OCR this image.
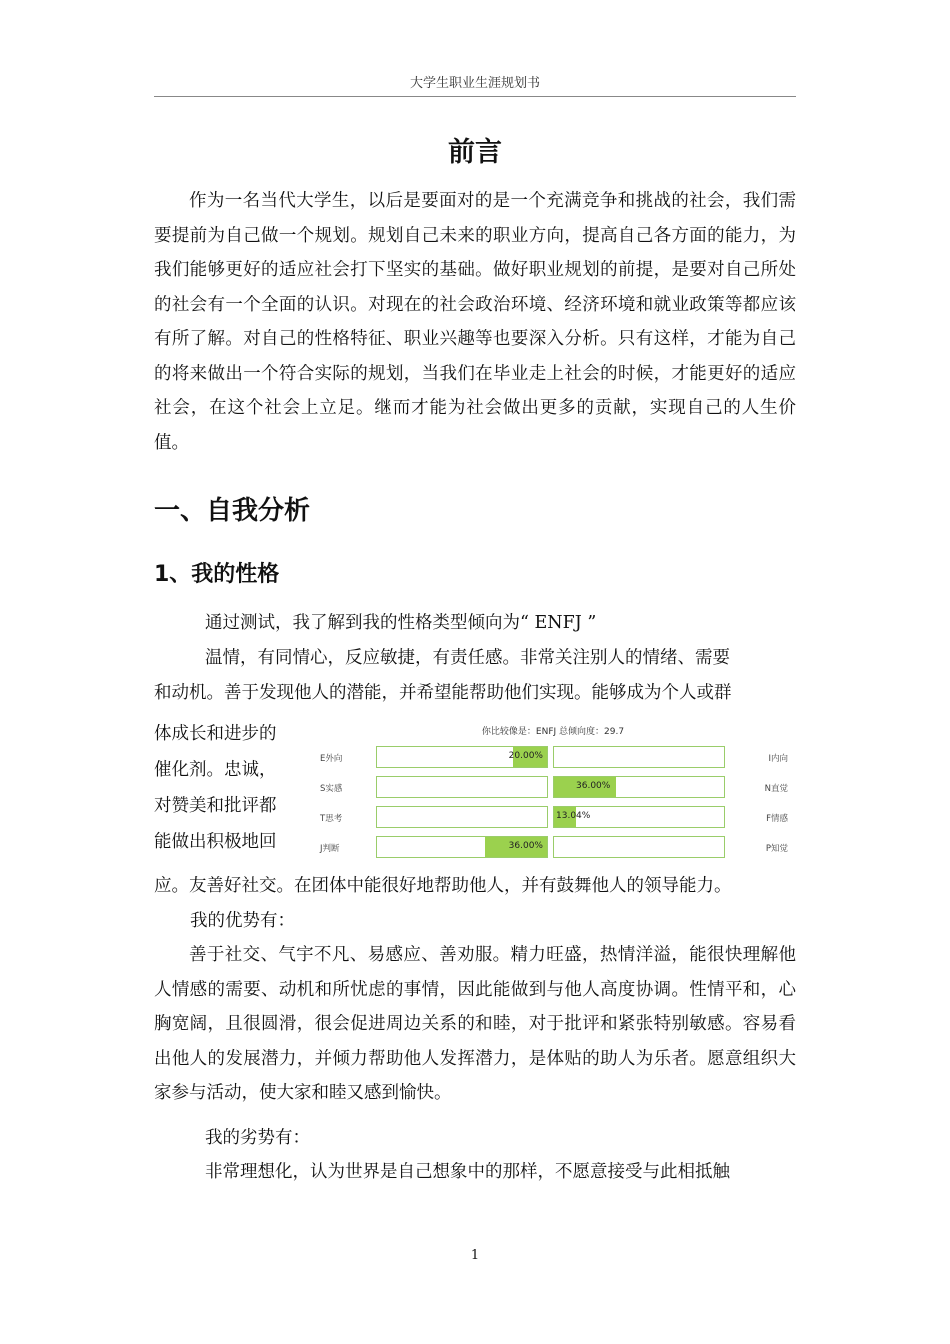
大学生职业生涯规划书
前言

作为一名当代大学生，以后是要面对的是一个充满竞争和挑战的社会，我们需要提前为自己做一个规划。规划自己未来的职业方向，提高自己各方面的能力，为我们能够更好的适应社会打下坚实的基础。做好职业规划的前提，是要对自己所处的社会有一个全面的认识。对现在的社会政治环境、经济环境和就业政策等都应该有所了解。对自己的性格特征、职业兴趣等也要深入分析。只有这样，才能为自己的将来做出一个符合实际的规划，当我们在毕业走上社会的时候，才能更好的适应社会，在这个社会上立足。继而才能为社会做出更多的贡献，实现自己的人生价值。

一、自我分析
1、我的性格
通过测试，我了解到我的性格类型倾向为“ ENFJ ”
温情，有同情心，反应敏捷，有责任感。非常关注别人的情绪、需要
和动机。善于发现他人的潜能，并希望能帮助他们实现。能够成为个人或群
体成长和进步的
催化剂。忠诚，
对赞美和批评都
能做出积极地回
你比较像是：ENFJ 总倾向度：29.7
E外向	20.00%	I内向
S实感	36.00%	N直觉
T思考	13.04%	F情感
J判断	36.00%	P知觉
应。友善好社交。在团体中能很好地帮助他人，并有鼓舞他人的领导能力。
我的优势有：

善于社交、气宇不凡、易感应、善劝服。精力旺盛，热情洋溢，能很快理解他人情感的需要、动机和所忧虑的事情，因此能做到与他人高度协调。性情平和，心胸宽阔，且很圆滑，很会促进周边关系的和睦，对于批评和紧张特别敏感。容易看出他人的发展潜力，并倾力帮助他人发挥潜力，是体贴的助人为乐者。愿意组织大家参与活动，使大家和睦又感到愉快。

我的劣势有：
非常理想化，认为世界是自己想象中的那样，不愿意接受与此相抵触
1
